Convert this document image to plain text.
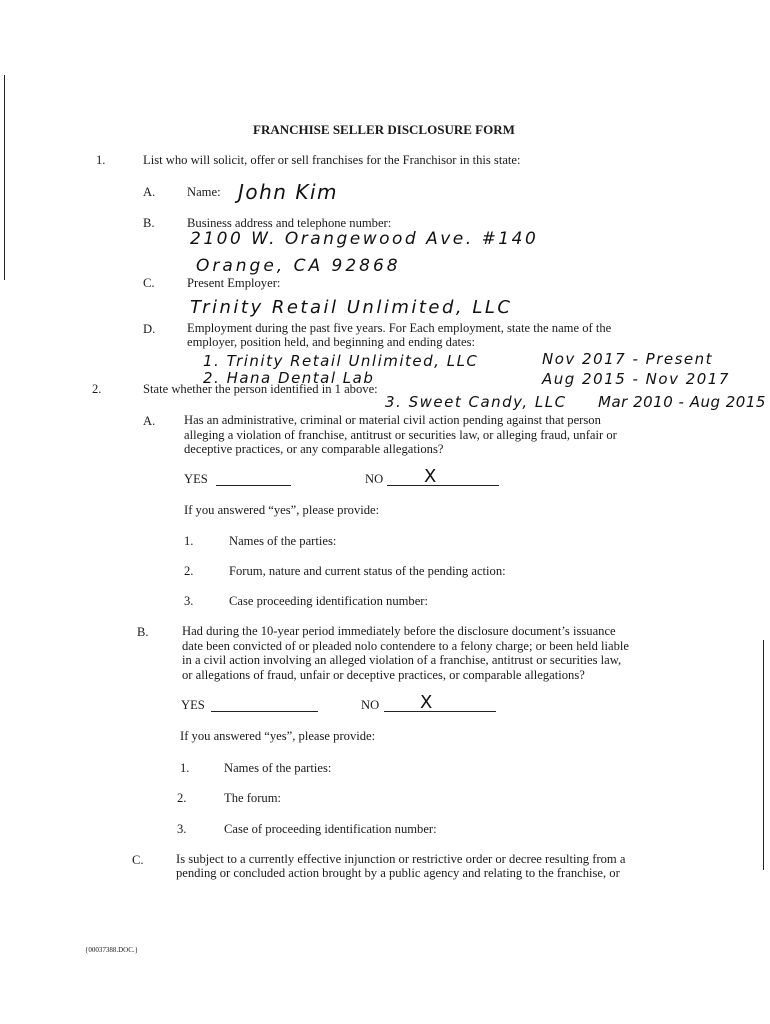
FRANCHISE SELLER DISCLOSURE FORM
1.	List who will solicit, offer or sell franchises for the Franchisor in this state:
A.	Name: John Kim
B.	Business address and telephone number:
2100 W. Orangewood Ave. #140
Orange, CA 92868
C.	Present Employer:
Trinity Retail Unlimited, LLC
D.	Employment during the past five years. For Each employment, state the name of the
employer, position held, and beginning and ending dates:
1. Trinity Retail Unlimited, LLC	Nov 2017 - Present
2. Hana Dental Lab	Aug 2015 - Nov 2017
2.	State whether the person identified in 1 above:
3. Sweet Candy, LLC Mar 2010 - Aug 2015
A. Has an administrative, criminal or material civil action pending against that person
alleging a violation of franchise, antitrust or securities law, or alleging fraud, unfair or
deceptive practices, or any comparable allegations?
YES	NO X
If you answered “yes”, please provide:
1.	Names of the parties:
2.	Forum, nature and current status of the pending action:
3.	Case proceeding identification number:
B.	Had during the 10-year period immediately before the disclosure document’s issuance
date been convicted of or pleaded nolo contendere to a felony charge; or been held liable
in a civil action involving an alleged violation of a franchise, antitrust or securities law,
or allegations of fraud, unfair or deceptive practices, or comparable allegations?
YES	NO X
If you answered “yes”, please provide:
1.	Names of the parties:
2.	The forum:
3.	Case of proceeding identification number:
C.	Is subject to a currently effective injunction or restrictive order or decree resulting from a
pending or concluded action brought by a public agency and relating to the franchise, or
{00037388.DOC.}
